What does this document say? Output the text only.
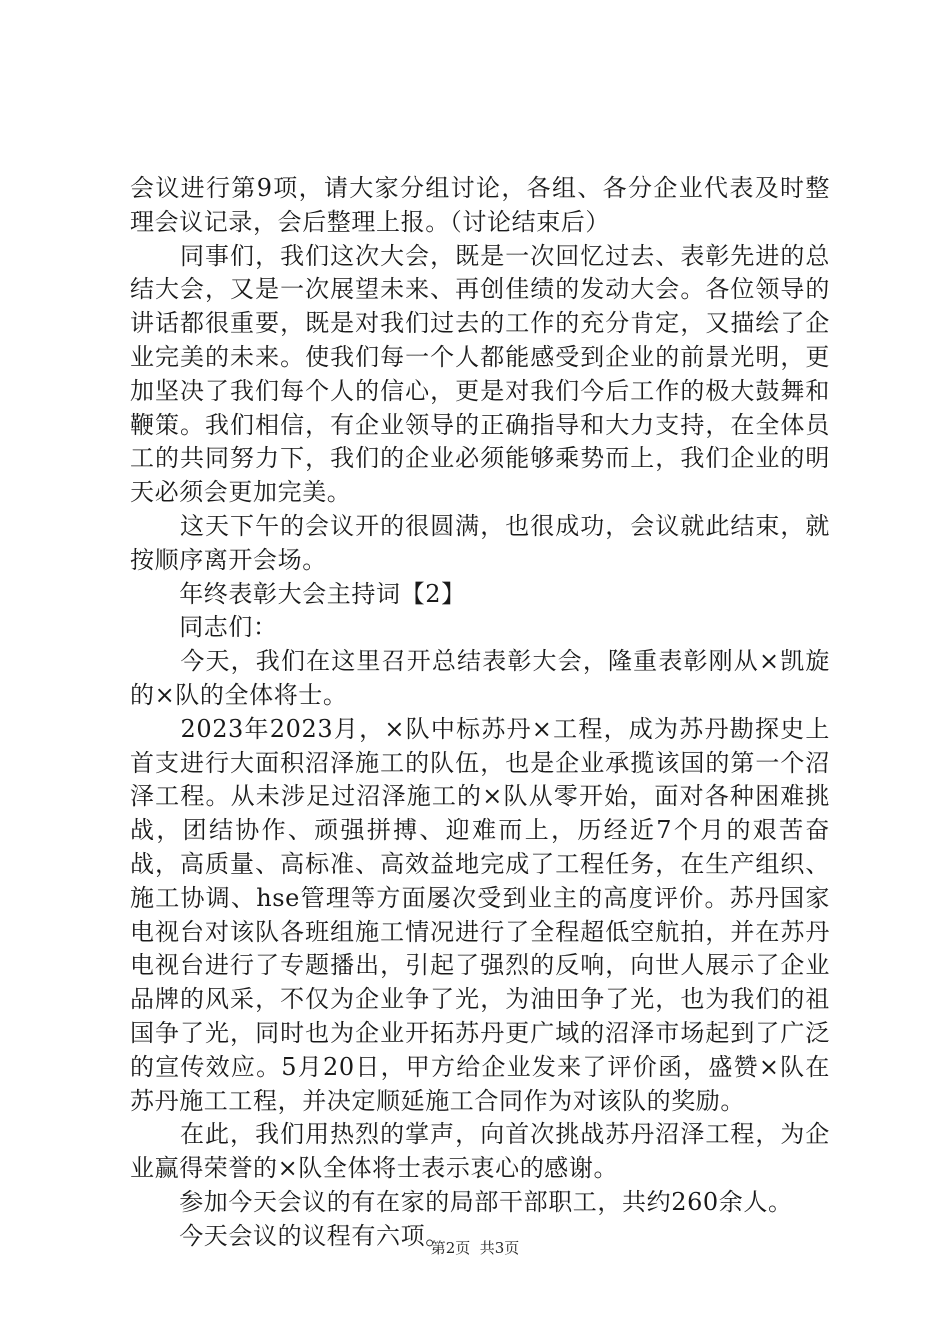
会议进行第9项，请大家分组讨论，各组、各分企业代表及时整理会议记录，会后整理上报。（讨论结束后）

　　同事们，我们这次大会，既是一次回忆过去、表彰先进的总结大会，又是一次展望未来、再创佳绩的发动大会。各位领导的讲话都很重要，既是对我们过去的工作的充分肯定，又描绘了企业完美的未来。使我们每一个人都能感受到企业的前景光明，更加坚决了我们每个人的信心，更是对我们今后工作的极大鼓舞和鞭策。我们相信，有企业领导的正确指导和大力支持，在全体员工的共同努力下，我们的企业必须能够乘势而上，我们企业的明天必须会更加完美。

　　这天下午的会议开的很圆满，也很成功，会议就此结束，就按顺序离开会场。

　　年终表彰大会主持词【2】

　　同志们：

　　今天，我们在这里召开总结表彰大会，隆重表彰刚从×凯旋的×队的全体将士。

　　2023年2023月，×队中标苏丹×工程，成为苏丹勘探史上首支进行大面积沼泽施工的队伍，也是企业承揽该国的第一个沼泽工程。从未涉足过沼泽施工的×队从零开始，面对各种困难挑战，团结协作、顽强拼搏、迎难而上，历经近7个月的艰苦奋战，高质量、高标准、高效益地完成了工程任务，在生产组织、施工协调、hse管理等方面屡次受到业主的高度评价。苏丹国家电视台对该队各班组施工情况进行了全程超低空航拍，并在苏丹电视台进行了专题播出，引起了强烈的反响，向世人展示了企业品牌的风采，不仅为企业争了光，为油田争了光，也为我们的祖国争了光，同时也为企业开拓苏丹更广域的沼泽市场起到了广泛的宣传效应。5月20日，甲方给企业发来了评价函，盛赞×队在苏丹施工工程，并决定顺延施工合同作为对该队的奖励。

　　在此，我们用热烈的掌声，向首次挑战苏丹沼泽工程，为企业赢得荣誉的×队全体将士表示衷心的感谢。

　　参加今天会议的有在家的局部干部职工，共约260余人。

　　今天会议的议程有六项。

第2页  共3页
